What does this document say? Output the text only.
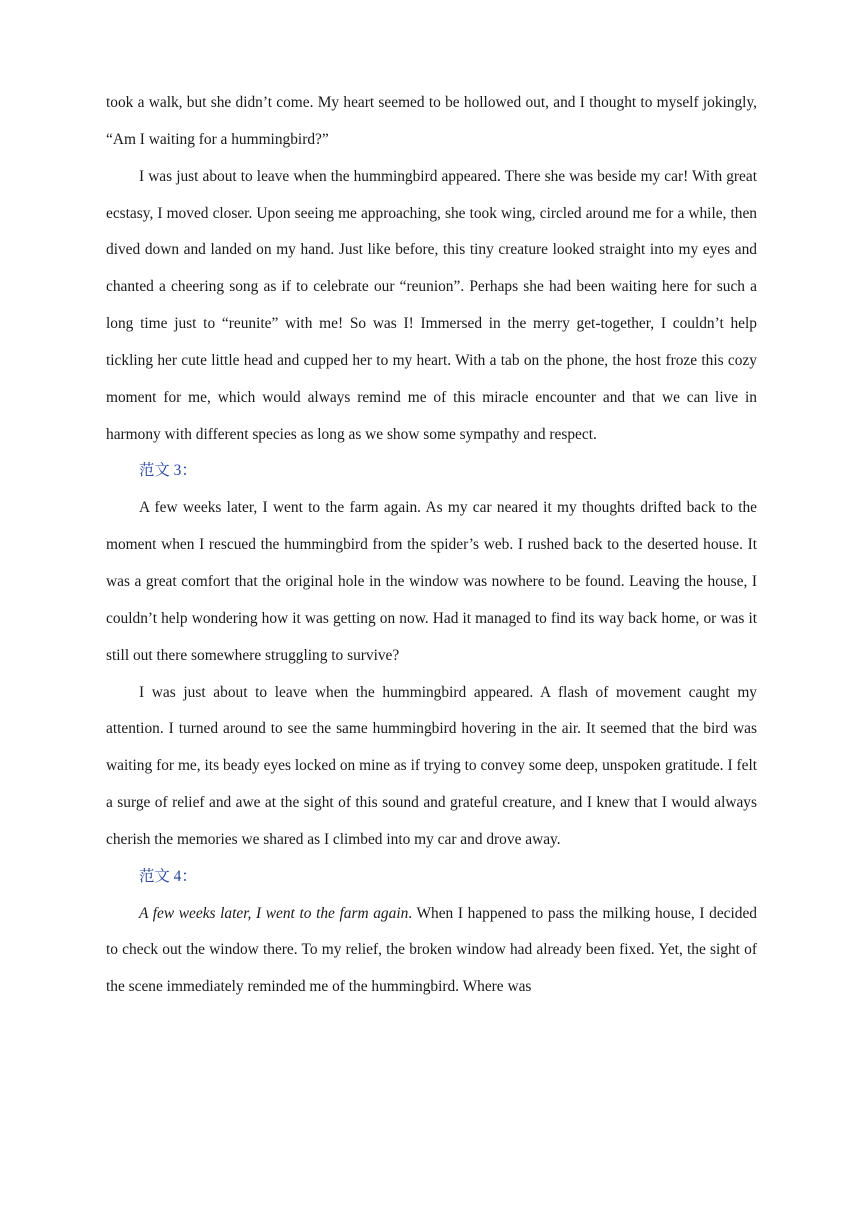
took a walk, but she didn’t come. My heart seemed to be hollowed out, and I thought to myself jokingly, “Am I waiting for a hummingbird?”

I was just about to leave when the hummingbird appeared. There she was beside my car! With great ecstasy, I moved closer. Upon seeing me approaching, she took wing, circled around me for a while, then dived down and landed on my hand. Just like before, this tiny creature looked straight into my eyes and chanted a cheering song as if to celebrate our “reunion”. Perhaps she had been waiting here for such a long time just to “reunite” with me! So was I! Immersed in the merry get-together, I couldn’t help tickling her cute little head and cupped her to my heart. With a tab on the phone, the host froze this cozy moment for me, which would always remind me of this miracle encounter and that we can live in harmony with different species as long as we show some sympathy and respect.

范文 3：

A few weeks later, I went to the farm again. As my car neared it my thoughts drifted back to the moment when I rescued the hummingbird from the spider’s web. I rushed back to the deserted house. It was a great comfort that the original hole in the window was nowhere to be found. Leaving the house, I couldn’t help wondering how it was getting on now. Had it managed to find its way back home, or was it still out there somewhere struggling to survive?

I was just about to leave when the hummingbird appeared. A flash of movement caught my attention. I turned around to see the same hummingbird hovering in the air. It seemed that the bird was waiting for me, its beady eyes locked on mine as if trying to convey some deep, unspoken gratitude. I felt a surge of relief and awe at the sight of this sound and grateful creature, and I knew that I would always cherish the memories we shared as I climbed into my car and drove away.

范文 4：

A few weeks later, I went to the farm again. When I happened to pass the milking house, I decided to check out the window there. To my relief, the broken window had already been fixed. Yet, the sight of the scene immediately reminded me of the hummingbird. Where was
